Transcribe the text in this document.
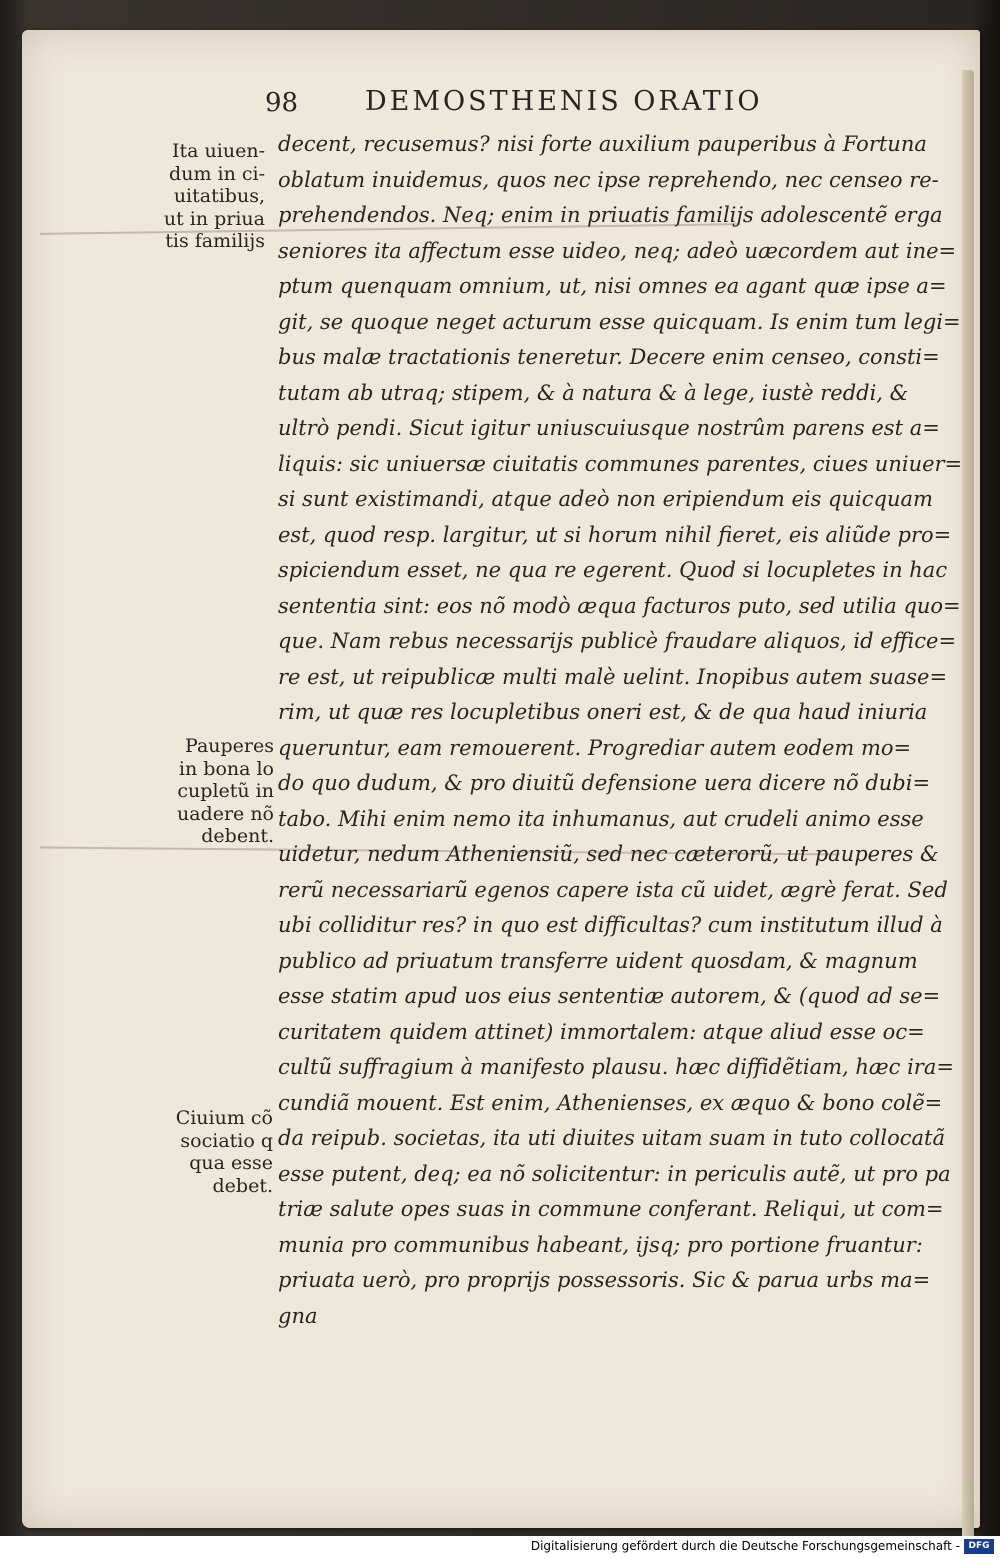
98 DEMOSTHENIS ORATIO
Ita uiuen-
dum in ci-
uitatibus,
ut in priua
tis familijs
Pauperes
in bona lo
cupletũ in
uadere nõ
debent.
Ciuium cõ
sociatio q
qua esse
debet.
decent, recusemus? nisi forte auxilium pauperibus à Fortuna
oblatum inuidemus, quos nec ipse reprehendo, nec censeo re-
prehendendos. Neq; enim in priuatis familijs adolescentẽ erga
seniores ita affectum esse uideo, neq; adeò uæcordem aut ine=
ptum quenquam omnium, ut, nisi omnes ea agant quæ ipse a=
git, se quoque neget acturum esse quicquam. Is enim tum legi=
bus malæ tractationis teneretur. Decere enim censeo, consti=
tutam ab utraq; stipem, & à natura & à lege, iustè reddi, &
ultrò pendi. Sicut igitur uniuscuiusque nostrûm parens est a=
liquis: sic uniuersæ ciuitatis communes parentes, ciues uniuer=
si sunt existimandi, atque adeò non eripiendum eis quicquam
est, quod resp. largitur, ut si horum nihil fieret, eis aliũde pro=
spiciendum esset, ne qua re egerent. Quod si locupletes in hac
sententia sint: eos nõ modò æqua facturos puto, sed utilia quo=
que. Nam rebus necessarijs publicè fraudare aliquos, id effice=
re est, ut reipublicæ multi malè uelint. Inopibus autem suase=
rim, ut quæ res locupletibus oneri est, & de qua haud iniuria
queruntur, eam remouerent. Progrediar autem eodem mo=
do quo dudum, & pro diuitũ defensione uera dicere nõ dubi=
tabo. Mihi enim nemo ita inhumanus, aut crudeli animo esse
uidetur, nedum Atheniensiũ, sed nec cæterorũ, ut pauperes &
rerũ necessariarũ egenos capere ista cũ uidet, ægrè ferat. Sed
ubi colliditur res? in quo est difficultas? cum institutum illud à
publico ad priuatum transferre uident quosdam, & magnum
esse statim apud uos eius sententiæ autorem, & (quod ad se=
curitatem quidem attinet) immortalem: atque aliud esse oc=
cultũ suffragium à manifesto plausu. hæc diffidẽtiam, hæc ira=
cundiã mouent. Est enim, Athenienses, ex æquo & bono colẽ=
da reipub. societas, ita uti diuites uitam suam in tuto collocatã
esse putent, deq; ea nõ solicitentur: in periculis autẽ, ut pro pa
triæ salute opes suas in commune conferant. Reliqui, ut com=
munia pro communibus habeant, ijsq; pro portione fruantur:
priuata uerò, pro proprijs possessoris. Sic & parua urbs ma=
gna
Digitalisierung gefördert durch die Deutsche Forschungsgemeinschaft - DFG
